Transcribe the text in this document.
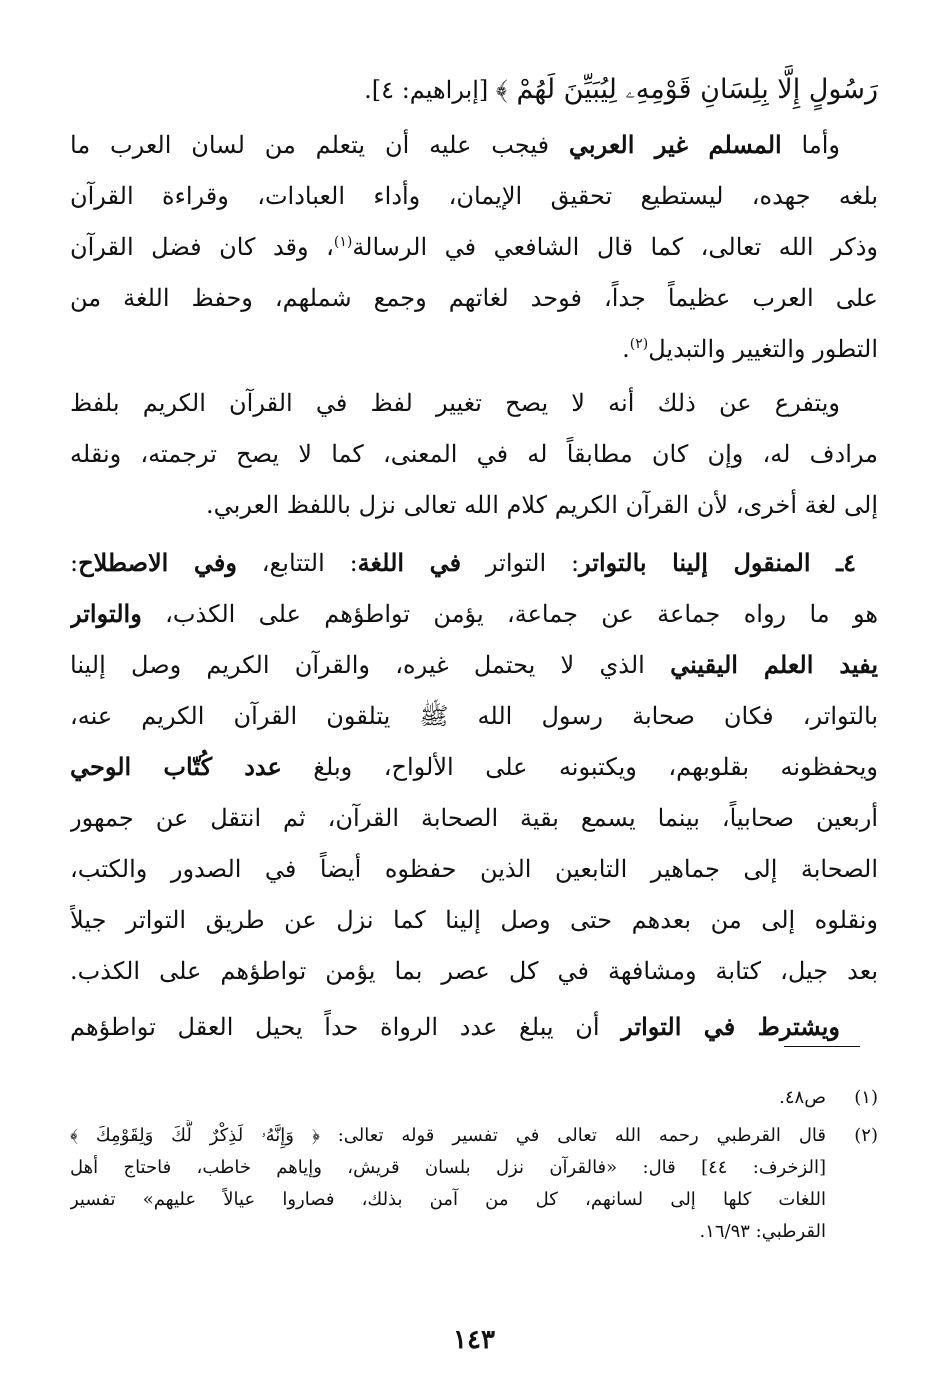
رَسُولٍ إِلَّا بِلِسَانِ قَوْمِهِۦ لِيُبَيِّنَ لَهُمْ ﴾ [إبراهيم: ٤].
وأما المسلم غير العربي فيجب عليه أن يتعلم من لسان العرب ما
بلغه جهده، ليستطيع تحقيق الإيمان، وأداء العبادات، وقراءة القرآن
وذكر الله تعالى، كما قال الشافعي في الرسالة$^{(١)}$، وقد كان فضل القرآن
على العرب عظيماً جداً، فوحد لغاتهم وجمع شملهم، وحفظ اللغة من
التطور والتغيير والتبديل$^{(٢)}$.
ويتفرع عن ذلك أنه لا يصح تغيير لفظ في القرآن الكريم بلفظ
مرادف له، وإن كان مطابقاً له في المعنى، كما لا يصح ترجمته، ونقله
إلى لغة أخرى، لأن القرآن الكريم كلام الله تعالى نزل باللفظ العربي.
٤ـ المنقول إلينا بالتواتر: التواتر في اللغة: التتابع، وفي الاصطلاح:
هو ما رواه جماعة عن جماعة، يؤمن تواطؤهم على الكذب، والتواتر
يفيد العلم اليقيني الذي لا يحتمل غيره، والقرآن الكريم وصل إلينا
بالتواتر، فكان صحابة رسول الله ﷺ يتلقون القرآن الكريم عنه،
ويحفظونه بقلوبهم، ويكتبونه على الألواح، وبلغ عدد كُتّاب الوحي
أربعين صحابياً، بينما يسمع بقية الصحابة القرآن، ثم انتقل عن جمهور
الصحابة إلى جماهير التابعين الذين حفظوه أيضاً في الصدور والكتب،
ونقلوه إلى من بعدهم حتى وصل إلينا كما نزل عن طريق التواتر جيلاً
بعد جيل، كتابة ومشافهة في كل عصر بما يؤمن تواطؤهم على الكذب.
ويشترط في التواتر أن يبلغ عدد الرواة حداً يحيل العقل تواطؤهم
(١)ص٤٨.
(٢)قال القرطبي رحمه الله تعالى في تفسير قوله تعالى: ﴿ وَإِنَّهُۥ لَذِكْرٌ لَّكَ وَلِقَوْمِكَ ﴾
[الزخرف: ٤٤] قال: «فالقرآن نزل بلسان قريش، وإياهم خاطب، فاحتاج أهل
اللغات كلها إلى لسانهم، كل من آمن بذلك، فصاروا عيالاً عليهم» تفسير
القرطبي: ١٦/٩٣.
١٤٣
